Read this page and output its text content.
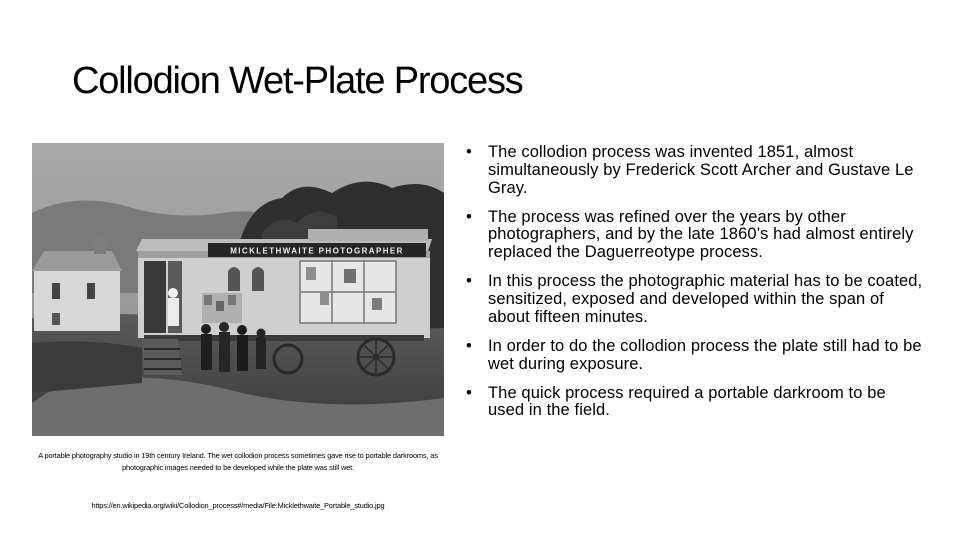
Collodion Wet-Plate Process
MICKLETHWAITE PHOTOGRAPHER

A portable photography studio in 19th century Ireland. The wet collodion process sometimes gave rise to portable darkrooms, as photographic images needed to be developed while the plate was still wet.

https://en.wikipedia.org/wiki/Collodion_process#/media/File:Micklethwaite_Portable_studio.jpg

• The collodion process was invented 1851, almost simultaneously by Frederick Scott Archer and Gustave Le Gray.
• The process was refined over the years by other photographers, and by the late 1860’s had almost entirely replaced the Daguerreotype process.
• In this process the photographic material has to be coated, sensitized, exposed and developed within the span of about fifteen minutes.
• In order to do the collodion process the plate still had to be wet during exposure.
• The quick process required a portable darkroom to be used in the field.
